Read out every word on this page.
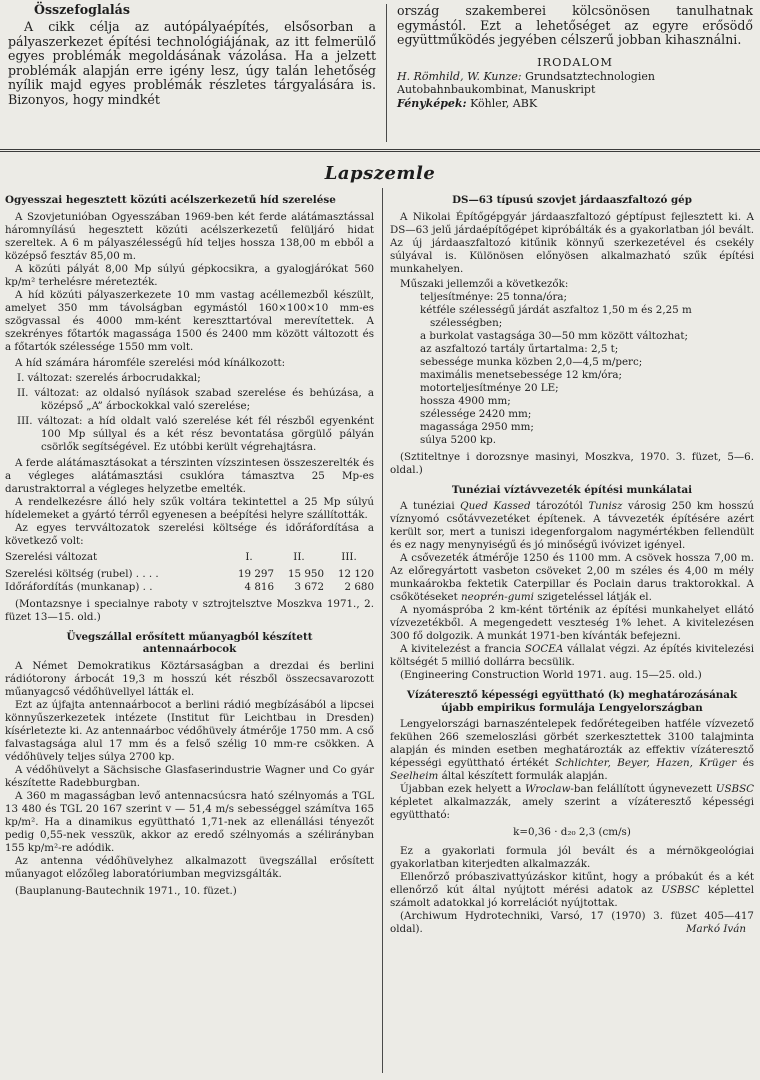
Összefoglalás

A cikk célja az autópályaépítés, elsősorban a pályaszerkezet építési technológiájának, az itt felmerülő egyes problémák megoldásának vázolása. Ha a jelzett problémák alapján erre igény lesz, úgy talán lehetőség nyílik majd egyes problémák részletes tárgyalására is. Bizonyos, hogy mindkét

ország szakemberei kölcsönösen tanulhatnak egymástól. Ezt a lehetőséget az egyre erősödő együttműködés jegyében célszerű jobban kihasználni.

IRODALOM

H. Römhild, W. Kunze: Grundsatztechnologien Autobahnbaukombinat, Manuskript

Fényképek: Köhler, ABK

Lapszemle
Ogyesszai hegesztett közúti acélszerkezetű híd szerelése

A Szovjetunióban Ogyesszában 1969-ben két ferde alátámasztással háromnyílású hegesztett közúti acélszerkezetű felüljáró hidat szereltek. A 6 m pályaszélességű híd teljes hossza 138,00 m ebből a középső fesztáv 85,00 m.

A közúti pályát 8,00 Mp súlyú gépkocsikra, a gyalogjárókat 560 kp/m² terhelésre méretezték.

A híd közúti pályaszerkezete 10 mm vastag acéllemezből készült, amelyet 350 mm távolságban egymástól 160×100×10 mm-es szögvassal és 4000 mm-ként kereszttartóval merevítettek. A szekrényes főtartók magassága 1500 és 2400 mm között változott és a főtartók szélessége 1550 mm volt.

A híd számára háromféle szerelési mód kínálkozott:

I. változat: szerelés árbocrudakkal;

II. változat: az oldalsó nyílások szabad szerelése és behúzása, a középső „A” árbockokkal való szerelése;

III. változat: a híd oldalt való szerelése két fél részből egyenként 100 Mp súllyal és a két rész bevontatása görgülő pályán csörlők segítségével. Ez utóbbi került végrehajtásra.

A ferde alátámasztásokat a térszinten vízszintesen összeszerelték és a végleges alátámasztási csuklóra támasztva 25 Mp-es darustraktorral a végleges helyzetbe emelték.

A rendelkezésre álló hely szűk voltára tekintettel a 25 Mp súlyú hídelemeket a gyártó térről egyenesen a beépítési helyre szállították.

Az egyes tervváltozatok szerelési költsége és időráfordítása a következő volt:

Szerelési változat	I.	II.	III.
Szerelési költség (rubel) . . . .	19 297	15 950	12 120
Időráfordítás (munkanap) . .	4 816	3 672	2 680

(Montazsnye i specialnye raboty v sztrojtelsztve Moszkva 1971., 2. füzet 13—15. old.)

Üvegszállal erősített műanyagból készített antennaárbocok

A Német Demokratikus Köztársaságban a drezdai és berlini rádiótorony árbocát 19,3 m hosszú két részből összecsavarozott műanyagcső védőhüvellyel látták el.

Ezt az újfajta antennaárbocot a berlini rádió megbízásából a lipcsei könnyűszerkezetek intézete (Institut für Leichtbau in Dresden) kísérletezte ki. Az antennaárboc védőhüvely átmérője 1750 mm. A cső falvastagsága alul 17 mm és a felső szélig 10 mm-re csökken. A védőhüvely teljes súlya 2700 kp.

A védőhüvelyt a Sächsische Glasfaserindustrie Wagner und Co gyár készítette Radebburgban.

A 360 m magasságban levő antennacsúcsra ható szélnyomás a TGL 13 480 és TGL 20 167 szerint v — 51,4 m/s sebességgel számítva 165 kp/m². Ha a dinamikus együttható 1,71-nek az ellenállási tényezőt pedig 0,55-nek vesszük, akkor az eredő szélnyomás a szélirányban 155 kp/m²-re adódik.

Az antenna védőhüvelyhez alkalmazott üvegszállal erősített műanyagot előzőleg laboratóriumban megvizsgálták.

(Bauplanung-Bautechnik 1971., 10. füzet.)

DS—63 típusú szovjet járdaaszfaltozó gép

A Nikolai Építőgépgyár járdaaszfaltozó géptípust fejlesztett ki. A DS—63 jelű járdaépítőgépet kipróbálták és a gyakorlatban jól bevált. Az új járdaaszfaltozó kitűnik könnyű szerkezetével és csekély súlyával is. Különösen előnyösen alkalmazható szűk építési munkahelyen.

Műszaki jellemzői a következők:

teljesítménye: 25 tonna/óra;

kétféle szélességű járdát aszfaltoz 1,50 m és 2,25 m szélességben;

a burkolat vastagsága 30—50 mm között változhat;

az aszfaltozó tartály űrtartalma: 2,5 t;

sebessége munka közben 2,0—4,5 m/perc;

maximális menetsebessége 12 km/óra;

motorteljesítménye 20 LE;

hossza 4900 mm;

szélessége 2420 mm;

magassága 2950 mm;

súlya 5200 kp.

(Sztiteltnye i dorozsnye masinyi, Moszkva, 1970. 3. füzet, 5—6. oldal.)

Tunéziai víztávvezeték építési munkálatai

A tunéziai Qued Kassed tározótól Tunisz városig 250 km hosszú víznyomó csőtávvezetéket építenek. A távvezeték építésére azért került sor, mert a tuniszi idegenforgalom nagymértékben fellendült és ez nagy menynyiségű és jó minőségű ivóvizet igényel.

A csővezeték átmérője 1250 és 1100 mm. A csövek hossza 7,00 m. Az előregyártott vasbeton csöveket 2,00 m széles és 4,00 m mély munkaárokba fektetik Caterpillar és Poclain darus traktorokkal. A csőkötéseket neoprén-gumi szigeteléssel látják el.

A nyomáspróba 2 km-ként történik az építési munkahelyet ellátó vízvezetékből. A megengedett veszteség 1% lehet. A kivitelezésen 300 fő dolgozik. A munkát 1971-ben kívánták befejezni.

A kivitelezést a francia SOCEA vállalat végzi. Az építés kivitelezési költségét 5 millió dollárra becsülik.

(Engineering Construction World 1971. aug. 15—25. old.)

Vízáteresztő képességi együttható (k) meghatározásának újabb empirikus formulája Lengyelországban

Lengyelországi barnaszéntelepek fedőrétegeiben hatféle vízvezető fekühen 266 szemeloszlási görbét szerkesztettek 3100 talajminta alapján és minden esetben meghatározták az effektiv vízáteresztő képességi együttható értékét Schlichter, Beyer, Hazen, Krüger és Seelheim által készített formulák alapján.

Újabban ezek helyett a Wroclaw-ban felállított úgynevezett USBSC képletet alkalmazzák, amely szerint a vízáteresztő képességi együttható:

k=0,36 · d₂₀ 2,3 (cm/s)

Ez a gyakorlati formula jól bevált és a mérnökgeológiai gyakorlatban kiterjedten alkalmazzák.

Ellenőrző próbaszivattyúzáskor kitűnt, hogy a próbakút és a két ellenőrző kút által nyújtott mérési adatok az USBSC képlettel számolt adatokkal jó korrelációt nyújtottak.

(Archiwum Hydrotechniki, Varsó, 17 (1970) 3. füzet 405—417 oldal).	Markó Iván
